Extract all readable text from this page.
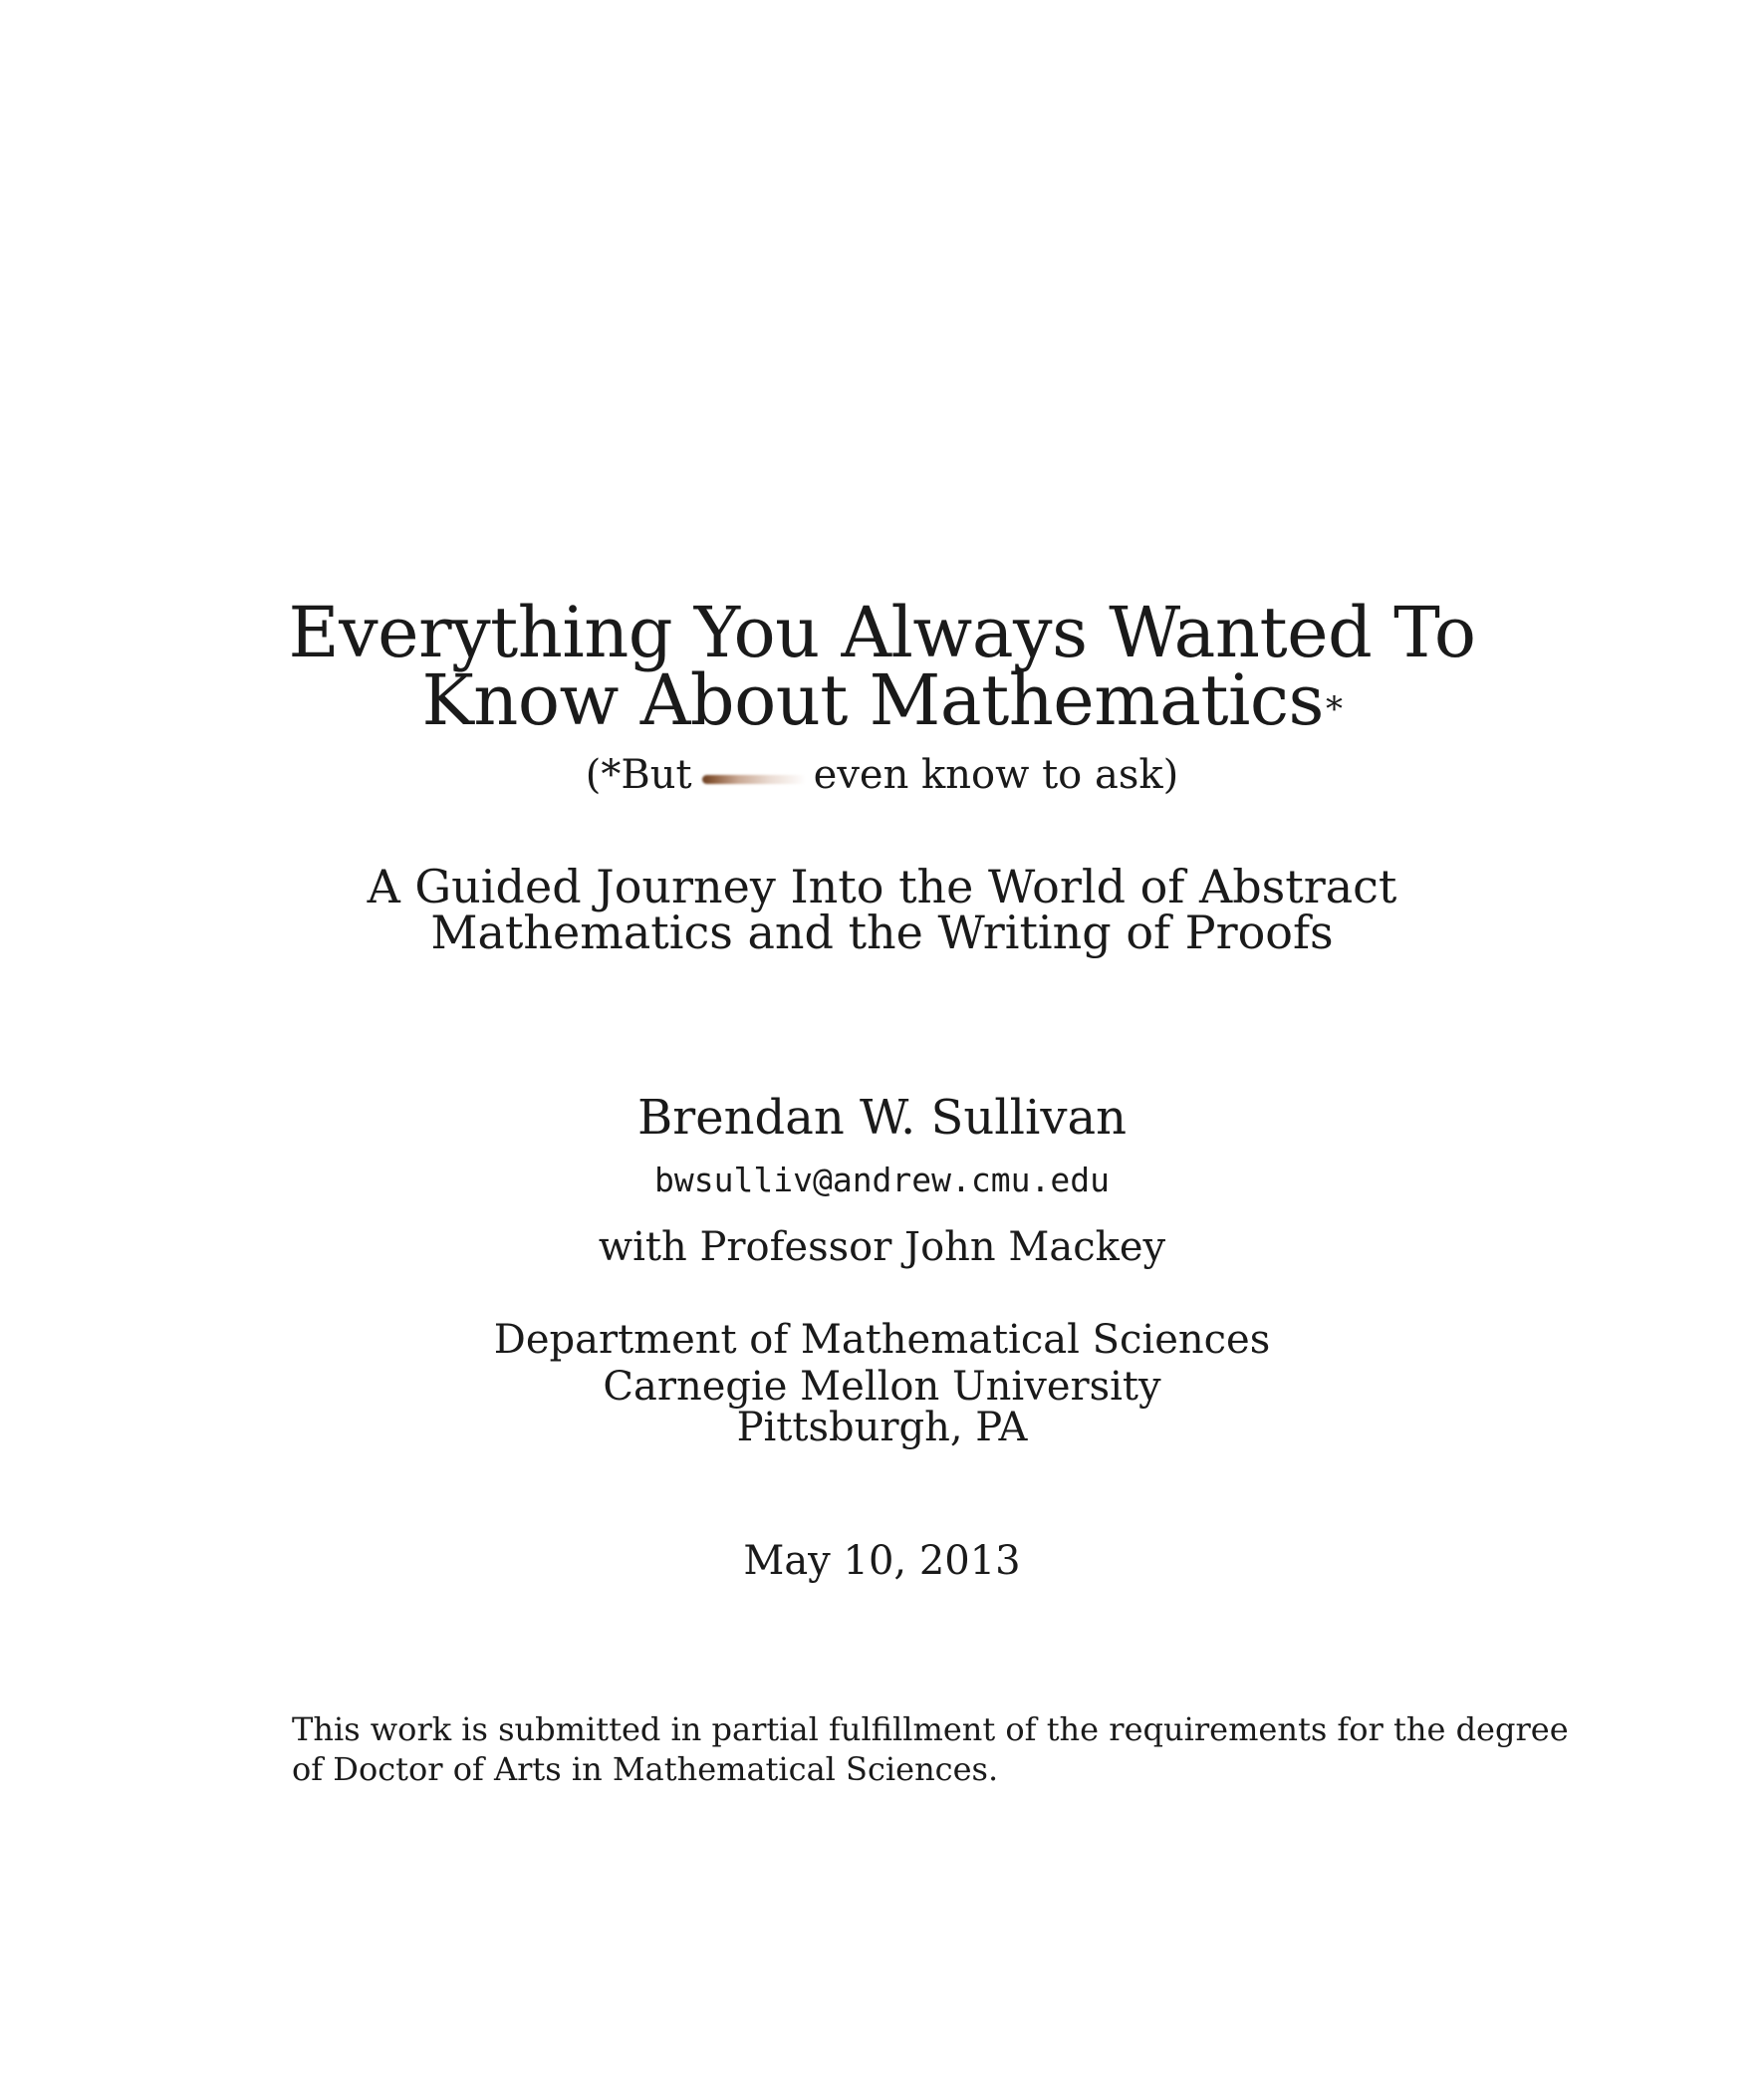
Everything You Always Wanted To
Know About Mathematics*
(*But	even know to ask)
A Guided Journey Into the World of Abstract
Mathematics and the Writing of Proofs
Brendan W. Sullivan
bwsulliv@andrew.cmu.edu
with Professor John Mackey
Department of Mathematical Sciences
Carnegie Mellon University
Pittsburgh, PA
May 10, 2013
This work is submitted in partial fulfillment of the requirements for the degree
of Doctor of Arts in Mathematical Sciences.
